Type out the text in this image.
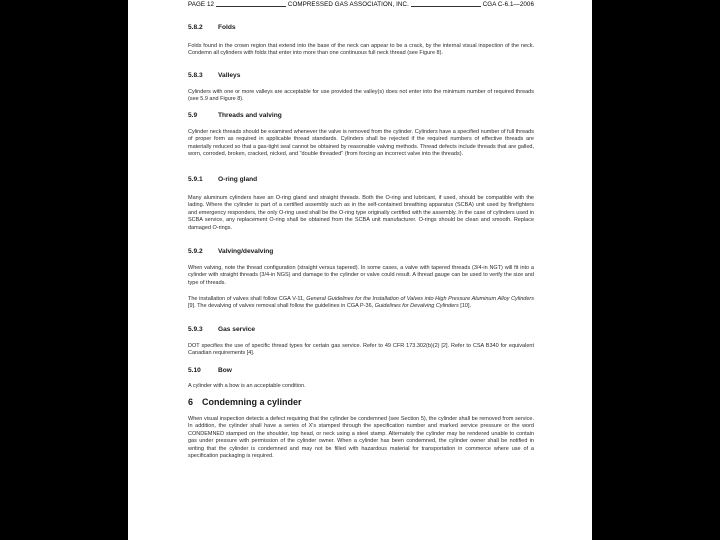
PAGE 12	COMPRESSED GAS ASSOCIATION, INC.	CGA C-6.1—2006
5.8.2 Folds

Folds found in the crown region that extend into the base of the neck can appear to be a crack, by the internal visual inspection of the neck. Condemn all cylinders with folds that enter into more than one continuous full neck thread (see Figure 8).

5.8.3 Valleys

Cylinders with one or more valleys are acceptable for use provided the valley(s) does not enter into the minimum number of required threads (see 5.9 and Figure 8).

5.9	Threads and valving

Cylinder neck threads should be examined whenever the valve is removed from the cylinder. Cylinders have a specified number of full threads of proper form as required in applicable thread standards. Cylinders shall be rejected if the required numbers of effective threads are materially reduced so that a gas-tight seal cannot be obtained by reasonable valving methods. Thread defects include threads that are galled, worn, corroded, broken, cracked, nicked, and "double threaded" (from forcing an incorrect valve into the threads).

5.9.1 O-ring gland

Many aluminum cylinders have an O-ring gland and straight threads. Both the O-ring and lubricant, if used, should be compatible with the lading. Where the cylinder is part of a certified assembly such as in the self-contained breathing apparatus (SCBA) unit used by firefighters and emergency responders, the only O-ring used shall be the O-ring type originally certified with the assembly. In the case of cylinders used in SCBA service, any replacement O-ring shall be obtained from the SCBA unit manufacturer. O-rings should be clean and smooth. Replace damaged O-rings.

5.9.2 Valving/devalving

When valving, note the thread configuration (straight versus tapered). In some cases, a valve with tapered threads (3/4-in NGT) will fit into a cylinder with straight threads (3/4-in NGS) and damage to the cylinder or valve could result. A thread gauge can be used to verify the size and type of threads.

The installation of valves shall follow CGA V-11, General Guidelines for the Installation of Valves into High Pressure Aluminum Alloy Cylinders [9]. The devalving of valves removal shall follow the guidelines in CGA P-36, Guidelines for Devalving Cylinders [10].

5.9.3 Gas service

DOT specifies the use of specific thread types for certain gas service. Refer to 49 CFR 173.302(b)(2) [2]. Refer to CSA B340 for equivalent Canadian requirements [4].

5.10	Bow

A cylinder with a bow is an acceptable condition.

6 Condemning a cylinder

When visual inspection detects a defect requiring that the cylinder be condemned (see Section 5), the cylinder shall be removed from service. In addition, the cylinder shall have a series of X's stamped through the specification number and marked service pressure or the word CONDEMNED stamped on the shoulder, top head, or neck using a steel stamp. Alternately the cylinder may be rendered unable to contain gas under pressure with permission of the cylinder owner. When a cylinder has been condemned, the cylinder owner shall be notified in writing that the cylinder is condemned and may not be filled with hazardous material for transportation in commerce where use of a specification packaging is required.
